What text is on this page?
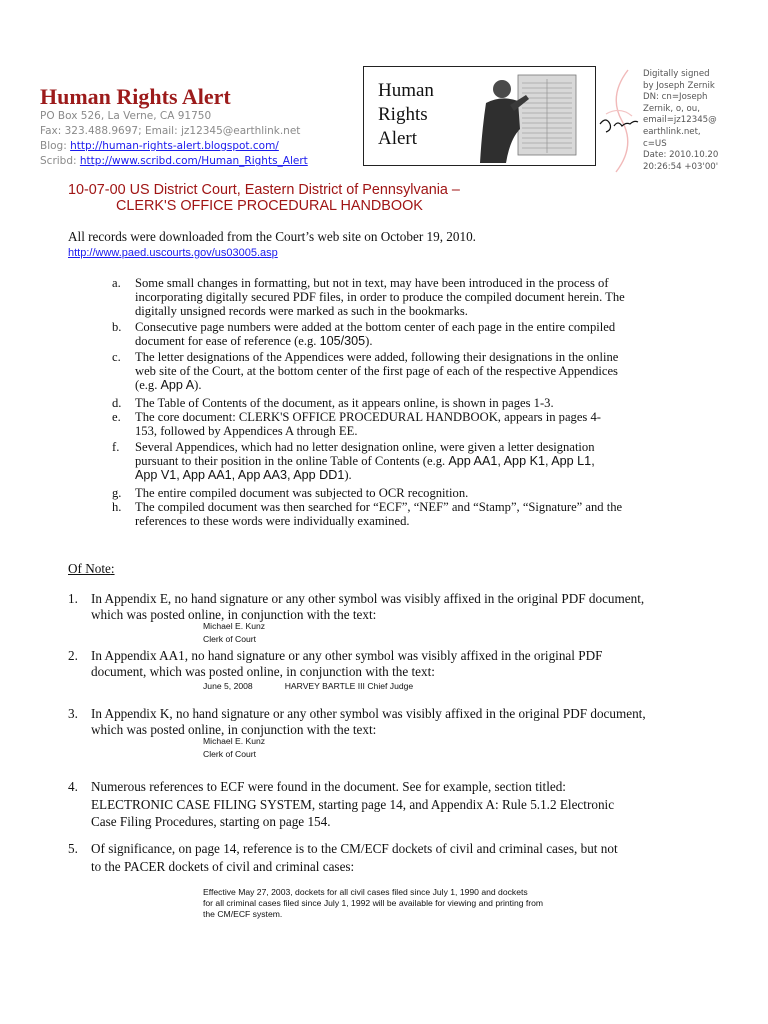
Human Rights Alert
PO Box 526, La Verne, CA 91750
Fax: 323.488.9697; Email: jz12345@earthlink.net
Blog: http://human-rights-alert.blogspot.com/
Scribd: http://www.scribd.com/Human_Rights_Alert
Human
Rights
Alert
Digitally signed
by Joseph Zernik
DN: cn=Joseph
Zernik, o, ou,
email=jz12345@
earthlink.net,
c=US
Date: 2010.10.20
20:26:54 +03'00'
10-07-00 US District Court, Eastern District of Pennsylvania –
CLERK'S OFFICE PROCEDURAL HANDBOOK
All records were downloaded from the Court’s web site on October 19, 2010.
http://www.paed.uscourts.gov/us03005.asp
a. Some small changes in formatting, but not in text, may have been introduced in the process of
incorporating digitally secured PDF files, in order to produce the compiled document herein. The
digitally unsigned records were marked as such in the bookmarks.
b. Consecutive page numbers were added at the bottom center of each page in the entire compiled
document for ease of reference (e.g. 105/305).
c. The letter designations of the Appendices were added, following their designations in the online
web site of the Court, at the bottom center of the first page of each of the respective Appendices
(e.g. App A).
d. The Table of Contents of the document, as it appears online, is shown in pages 1-3.
e. The core document: CLERK'S OFFICE PROCEDURAL HANDBOOK, appears in pages 4-
153, followed by Appendices A through EE.
f. Several Appendices, which had no letter designation online, were given a letter designation
pursuant to their position in the online Table of Contents (e.g. App AA1, App K1, App L1,
App V1, App AA1, App AA3, App DD1).
g. The entire compiled document was subjected to OCR recognition.
h. The compiled document was then searched for “ECF”, “NEF” and “Stamp”, “Signature” and the
references to these words were individually examined.
Of Note:
1. In Appendix E, no hand signature or any other symbol was visibly affixed in the original PDF document,
which was posted online, in conjunction with the text:
Michael E. Kunz
Clerk of Court
2. In Appendix AA1, no hand signature or any other symbol was visibly affixed in the original PDF
document, which was posted online, in conjunction with the text:
June 5, 2008	HARVEY BARTLE III Chief Judge
3. In Appendix K, no hand signature or any other symbol was visibly affixed in the original PDF document,
which was posted online, in conjunction with the text:
Michael E. Kunz
Clerk of Court
4. Numerous references to ECF were found in the document. See for example, section titled:
ELECTRONIC CASE FILING SYSTEM, starting page 14, and Appendix A: Rule 5.1.2 Electronic
Case Filing Procedures, starting on page 154.
5. Of significance, on page 14, reference is to the CM/ECF dockets of civil and criminal cases, but not
to the PACER dockets of civil and criminal cases:
Effective May 27, 2003, dockets for all civil cases filed since July 1, 1990 and dockets
for all criminal cases filed since July 1, 1992 will be available for viewing and printing from
the CM/ECF system.
